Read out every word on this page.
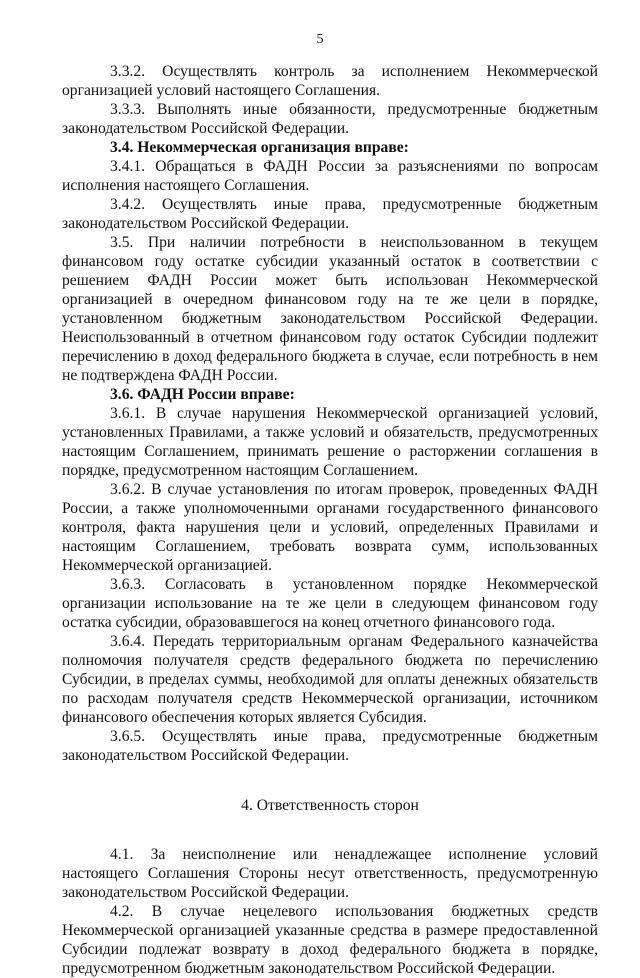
5

3.3.2. Осуществлять контроль за исполнением Некоммерческой организацией условий настоящего Соглашения.

3.3.3. Выполнять иные обязанности, предусмотренные бюджетным законодательством Российской Федерации.

3.4. Некоммерческая организация вправе:

3.4.1. Обращаться в ФАДН России за разъяснениями по вопросам исполнения настоящего Соглашения.

3.4.2. Осуществлять иные права, предусмотренные бюджетным законодательством Российской Федерации.

3.5. При наличии потребности в неиспользованном в текущем финансовом году остатке субсидии указанный остаток в соответствии с решением ФАДН России может быть использован Некоммерческой организацией в очередном финансовом году на те же цели в порядке, установленном бюджетным законодательством Российской Федерации. Неиспользованный в отчетном финансовом году остаток Субсидии подлежит перечислению в доход федерального бюджета в случае, если потребность в нем не подтверждена ФАДН России.

3.6. ФАДН России вправе:

3.6.1. В случае нарушения Некоммерческой организацией условий, установленных Правилами, а также условий и обязательств, предусмотренных настоящим Соглашением, принимать решение о расторжении соглашения в порядке, предусмотренном настоящим Соглашением.

3.6.2. В случае установления по итогам проверок, проведенных ФАДН России, а также уполномоченными органами государственного финансового контроля, факта нарушения цели и условий, определенных Правилами и настоящим Соглашением, требовать возврата сумм, использованных Некоммерческой организацией.

3.6.3. Согласовать в установленном порядке Некоммерческой организации использование на те же цели в следующем финансовом году остатка субсидии, образовавшегося на конец отчетного финансового года.

3.6.4. Передать территориальным органам Федерального казначейства полномочия получателя средств федерального бюджета по перечислению Субсидии, в пределах суммы, необходимой для оплаты денежных обязательств по расходам получателя средств Некоммерческой организации, источником финансового обеспечения которых является Субсидия.

3.6.5. Осуществлять иные права, предусмотренные бюджетным законодательством Российской Федерации.

4. Ответственность сторон

4.1. За неисполнение или ненадлежащее исполнение условий настоящего Соглашения Стороны несут ответственность, предусмотренную законодательством Российской Федерации.

4.2. В случае нецелевого использования бюджетных средств Некоммерческой организацией указанные средства в размере предоставленной Субсидии подлежат возврату в доход федерального бюджета в порядке, предусмотренном бюджетным законодательством Российской Федерации.
